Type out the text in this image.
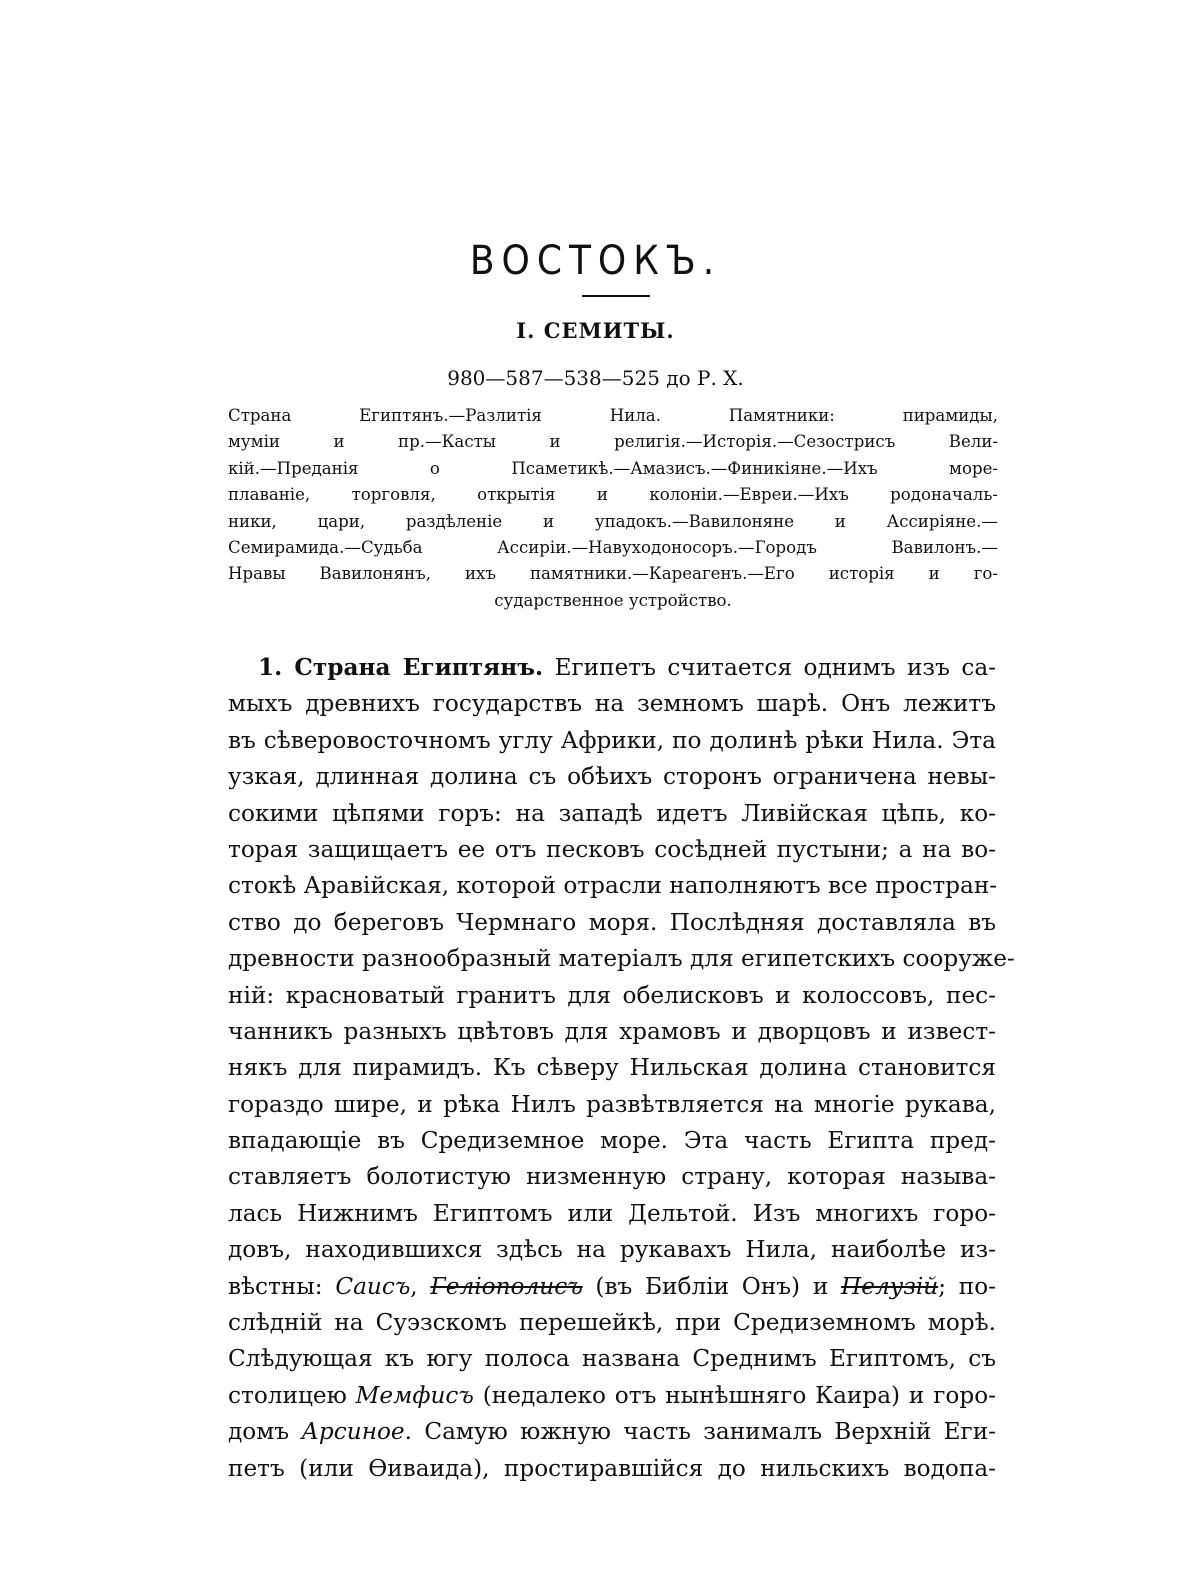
ВОСТОКЪ.
I. СЕМИТЫ.
980—587—538—525 до Р. X.
Страна Египтянъ.—Разлитія Нила. Памятники: пирамиды,
муміи и пр.—Касты и религія.—Исторія.—Сезострисъ Вели-
кій.—Преданія о Псаметикѣ.—Амазисъ.—Финикіяне.—Ихъ море-
плаваніе, торговля, открытія и колоніи.—Евреи.—Ихъ родоначаль-
ники, цари, раздѣленіе и упадокъ.—Вавилоняне и Ассиріяне.—
Семирамида.—Судьба Ассиріи.—Навуходоносоръ.—Городъ Вавилонъ.—
Нравы Вавилонянъ, ихъ памятники.—Кареагенъ.—Его исторія и го-
сударственное устройство.
1. Страна Египтянъ. Египетъ считается однимъ изъ са-
мыхъ древнихъ государствъ на земномъ шарѣ. Онъ лежитъ
въ сѣверовосточномъ углу Африки, по долинѣ рѣки Нила. Эта
узкая, длинная долина съ обѣихъ сторонъ ограничена невы-
сокими цѣпями горъ: на западѣ идетъ Ливійская цѣпь, ко-
торая защищаетъ ее отъ песковъ сосѣдней пустыни; а на во-
стокѣ Аравійская, которой отрасли наполняютъ все простран-
ство до береговъ Чермнаго моря. Послѣдняя доставляла въ
древности разнообразный матеріалъ для египетскихъ сооруже-
ній: красноватый гранитъ для обелисковъ и колоссовъ, пес-
чанникъ разныхъ цвѣтовъ для храмовъ и дворцовъ и извест-
някъ для пирамидъ. Къ сѣверу Нильская долина становится
гораздо шире, и рѣка Нилъ развѣтвляется на многіе рукава,
впадающіе въ Средиземное море. Эта часть Египта пред-
ставляетъ болотистую низменную страну, которая называ-
лась Нижнимъ Египтомъ или Дельтой. Изъ многихъ горо-
довъ, находившихся здѣсь на рукавахъ Нила, наиболѣе из-
вѣстны: Саисъ, Геліополисъ (въ Библіи Онъ) и Пелузій; по-
слѣдній на Суэзскомъ перешейкѣ, при Средиземномъ морѣ.
Слѣдующая къ югу полоса названа Среднимъ Египтомъ, съ
столицею Мемфисъ (недалеко отъ нынѣшняго Каира) и горо-
домъ Арсиное. Самую южную часть занималъ Верхній Еги-
петъ (или Өиваида), простиравшійся до нильскихъ водопа-
